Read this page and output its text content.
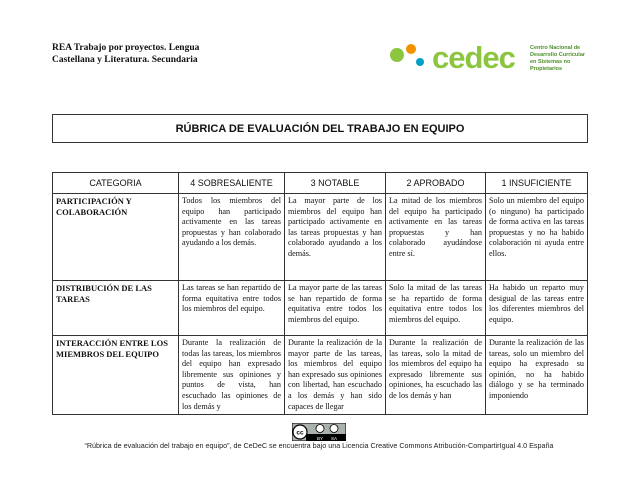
REA Trabajo por proyectos. Lengua
Castellana y Literatura. Secundaria	cedec	Centro Nacional de
Desarrollo Curricular
en Sistemas no Propietarios
RÚBRICA DE EVALUACIÓN DEL TRABAJO EN EQUIPO
CATEGORIA	4 SOBRESALIENTE	3 NOTABLE	2 APROBADO	1 INSUFICIENTE
PARTICIPACIÓN Y COLABORACIÓN	Todos los miembros del equipo han participado activamente en las tareas propuestas y han colaborado ayudando a los demás.	La mayor parte de los miembros del equipo han participado activamente en las tareas propuestas y han colaborado ayudando a los demás.	La mitad de los miembros del equipo ha participado activamente en las tareas propuestas y han colaborado ayudándose entre sí.	Solo un miembro del equipo (o ninguno) ha participado de forma activa en las tareas propuestas y no ha habido colaboración ni ayuda entre ellos.
DISTRIBUCIÓN DE LAS TAREAS	Las tareas se han repartido de forma equitativa entre todos los miembros del equipo.	La mayor parte de las tareas se han repartido de forma equitativa entre todos los miembros del equipo.	Solo la mitad de las tareas se ha repartido de forma equitativa entre todos los miembros del equipo.	Ha habido un reparto muy desigual de las tareas entre los diferentes miembros del equipo.
INTERACCIÓN ENTRE LOS MIEMBROS DEL EQUIPO	Durante la realización de todas las tareas, los miembros del equipo han expresado libremente sus opiniones y puntos de vista, han escuchado las opiniones de los demás y	Durante la realización de la mayor parte de las tareas, los miembros del equipo han expresado sus opiniones con libertad, han escuchado a los demás y han sido capaces de llegar	Durante la realización de las tareas, solo la mitad de los miembros del equipo ha expresado libremente sus opiniones, ha escuchado las de los demás y han	Durante la realización de las tareas, solo un miembro del equipo ha expresado su opinión, no ha habido diálogo y se ha terminado imponiendo
cc
BY SA
“Rúbrica de evaluación del trabajo en equipo”, de CeDeC se encuentra bajo una Licencia Creative Commons Atribución-CompartirIgual 4.0 España
